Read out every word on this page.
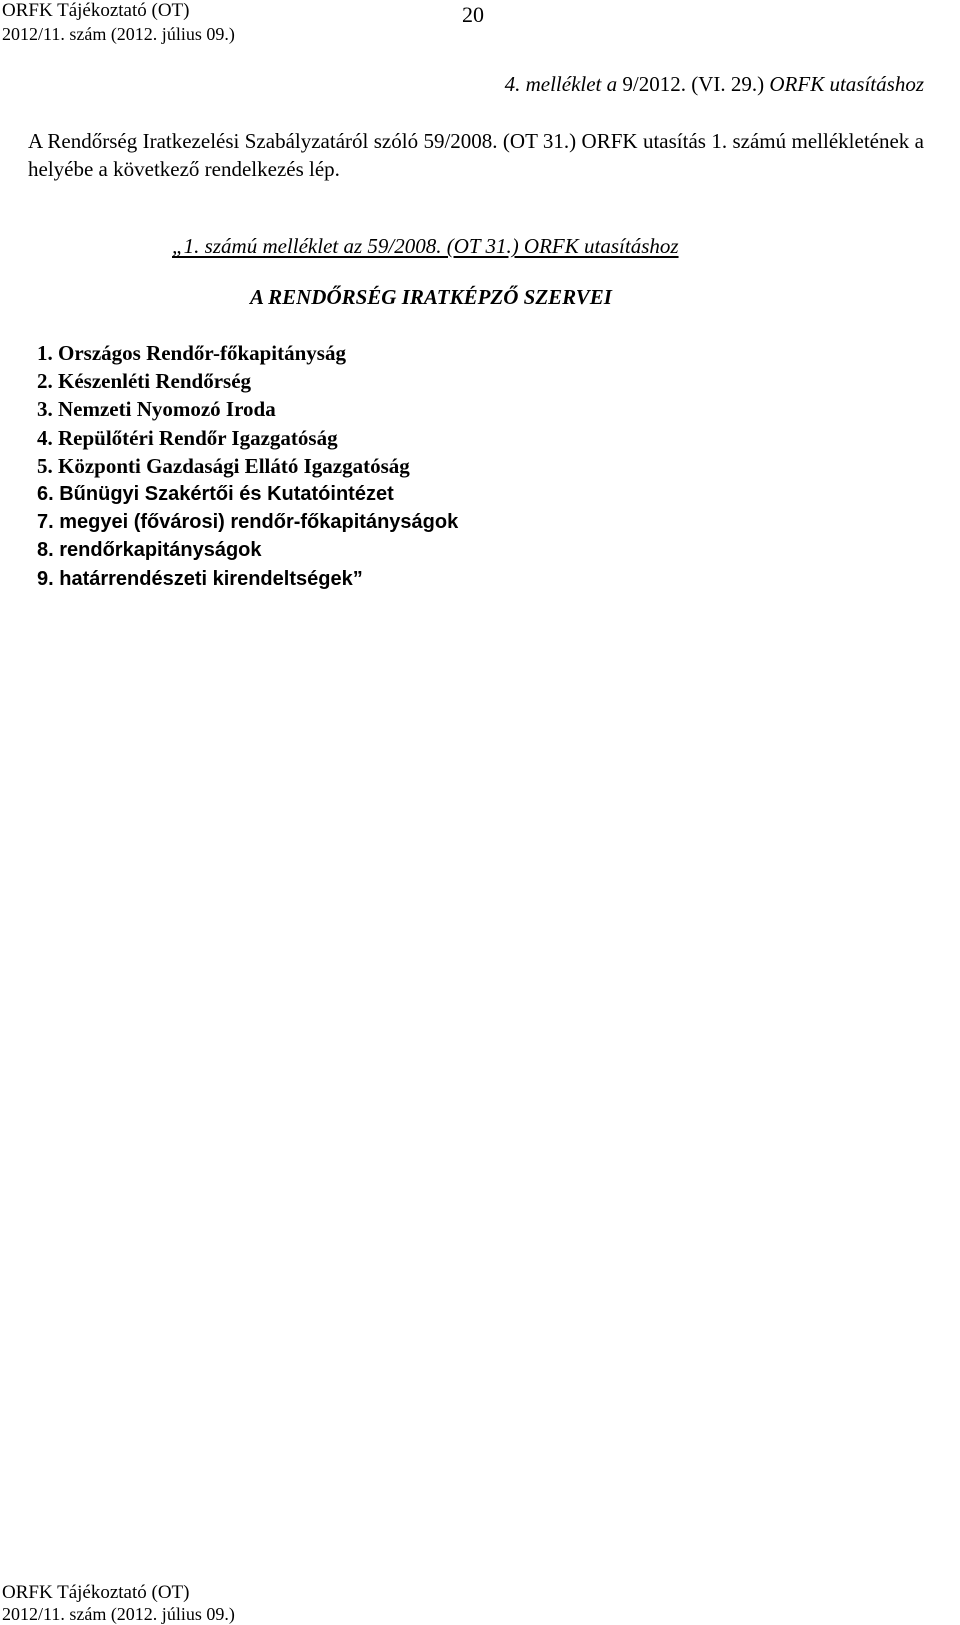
ORFK Tájékoztató (OT)
2012/11. szám (2012. július 09.)
20
4. melléklet a 9/2012. (VI. 29.) ORFK utasításhoz

A Rendőrség Iratkezelési Szabályzatáról szóló 59/2008. (OT 31.) ORFK utasítás 1. számú mellékletének a helyébe a következő rendelkezés lép.

„1. számú melléklet az 59/2008. (OT 31.) ORFK utasításhoz
A RENDŐRSÉG IRATKÉPZŐ SZERVEI
1. Országos Rendőr-főkapitányság
2. Készenléti Rendőrség
3. Nemzeti Nyomozó Iroda
4. Repülőtéri Rendőr Igazgatóság
5. Központi Gazdasági Ellátó Igazgatóság
6. Bűnügyi Szakértői és Kutatóintézet
7. megyei (fővárosi) rendőr-főkapitányságok
8. rendőrkapitányságok
9. határrendészeti kirendeltségek”
ORFK Tájékoztató (OT)
2012/11. szám (2012. július 09.)
